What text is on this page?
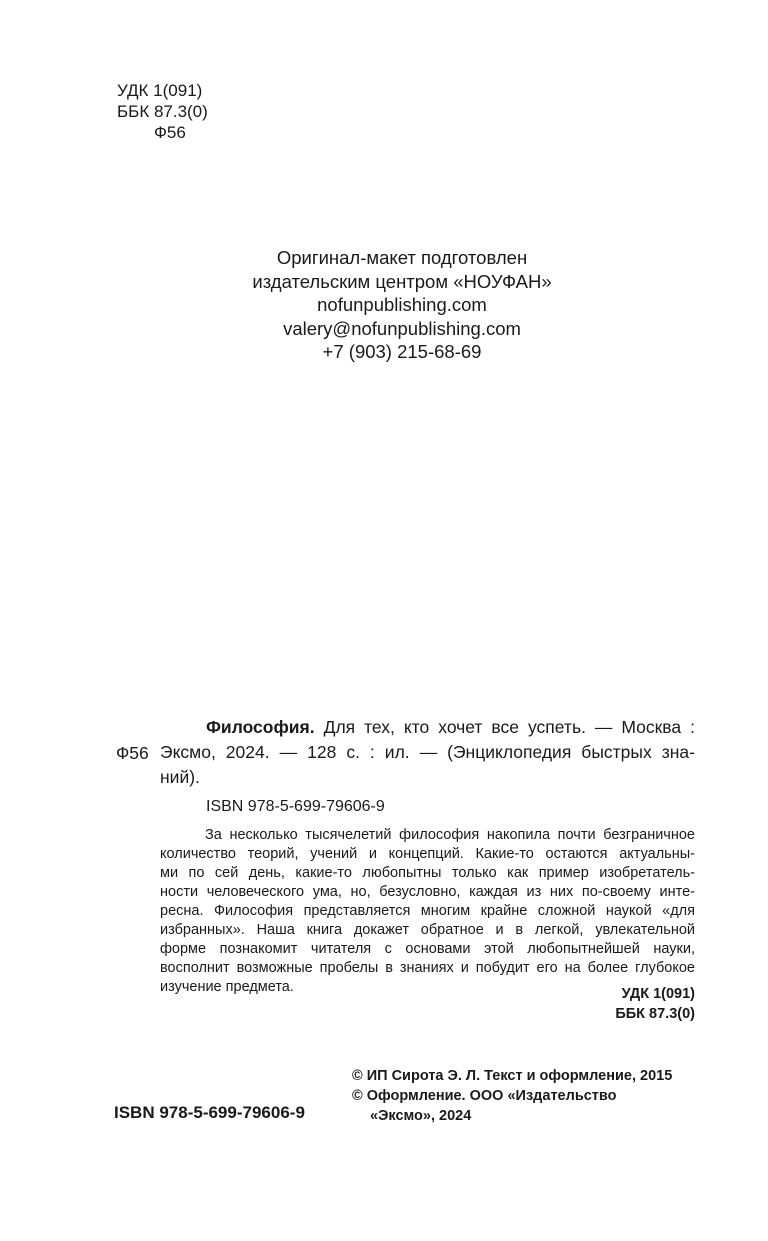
УДК 1(091)
ББК 87.3(0)
Ф56
Оригинал-макет подготовлен
издательским центром «НОУФАН»
nofunpublishing.com
valery@nofunpublishing.com
+7 (903) 215-68-69
Ф56
Философия. Для тех, кто хочет все успеть. — Москва :
Эксмо, 2024. — 128 с. : ил. — (Энциклопедия быстрых зна-
ний).
ISBN 978-5-699-79606-9
За несколько тысячелетий философия накопила почти безграничное
количество теорий, учений и концепций. Какие-то остаются актуальны-
ми по сей день, какие-то любопытны только как пример изобретатель-
ности человеческого ума, но, безусловно, каждая из них по-своему инте-
ресна. Философия представляется многим крайне сложной наукой «для
избранных». Наша книга докажет обратное и в легкой, увлекательной
форме познакомит читателя с основами этой любопытнейшей науки,
восполнит возможные пробелы в знаниях и побудит его на более глубокое
изучение предмета.	УДК 1(091)
ББК 87.3(0)
© ИП Сирота Э. Л. Текст и оформление, 2015
© Оформление. ООО «Издательство
«Эксмо», 2024
ISBN 978-5-699-79606-9
